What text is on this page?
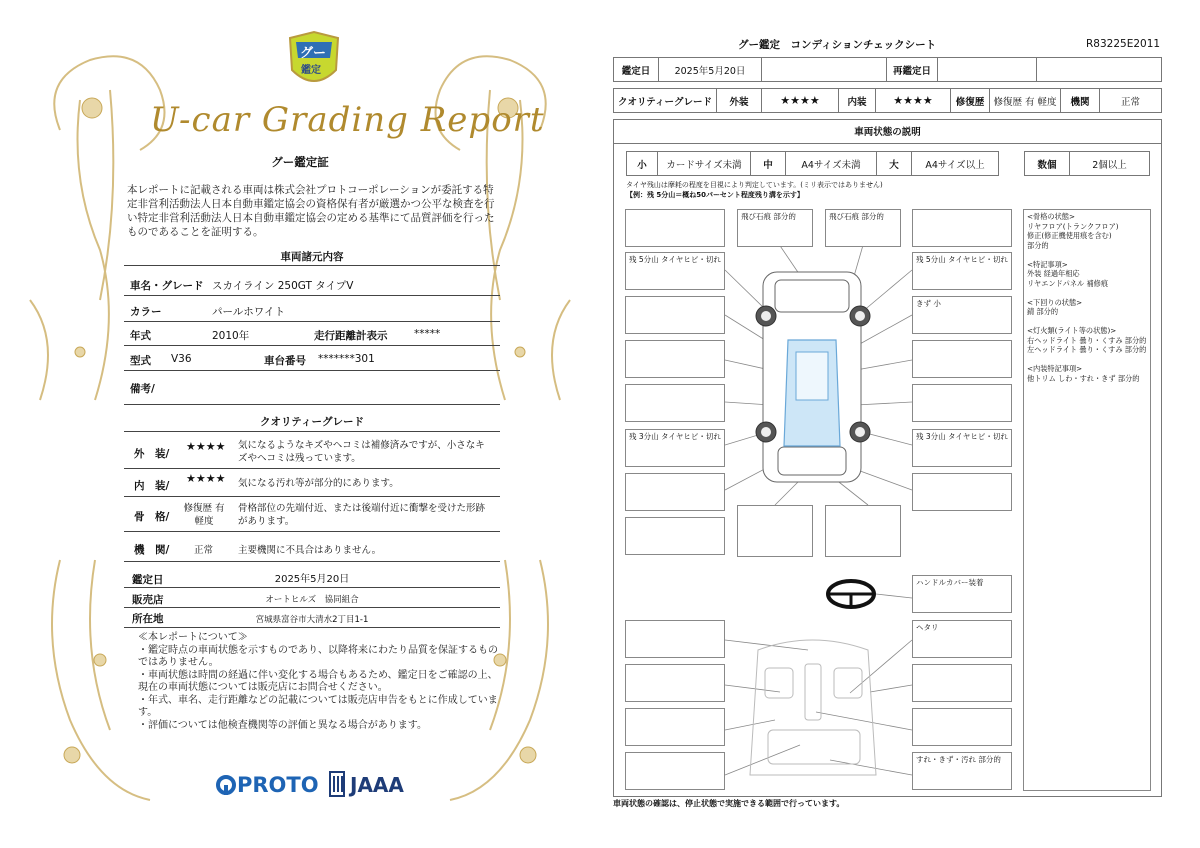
グー
鑑定
U-car Grading Report
グー鑑定証
本レポートに記載される車両は株式会社プロトコーポレーションが委託する特定非営利活動法人日本自動車鑑定協会の資格保有者が厳選かつ公平な検査を行い特定非営利活動法人日本自動車鑑定協会の定める基準にて品質評価を行ったものであることを証明する。
車両諸元内容
車名・グレード スカイライン 250GT タイプV
カラー	パールホワイト
年式	2010年	走行距離計表示	*****
型式 V36	車台番号 *******301
備考/
クオリティーグレード
外　装/
★★★★ 気になるようなキズやヘコミは補修済みですが、小さなキズやヘコミは残っています。
内　装/
★★★★ 気になる汚れ等が部分的にあります。
骨　格/
修復歴 有 軽度
骨格部位の先端付近、または後端付近に衝撃を受けた形跡があります。
機　関/	正常	主要機関に不具合はありません。
鑑定日	2025年5月20日
販売店	オートヒルズ　協同組合
所在地	宮城県富谷市大清水2丁目1-1
≪本レポートについて≫
・鑑定時点の車両状態を示すものであり、以降将来にわたり品質を保証するものではありません。
・車両状態は時間の経過に伴い変化する場合もあるため、鑑定日をご確認の上、現在の車両状態については販売店にお問合せください。
・年式、車名、走行距離などの記載については販売店申告をもとに作成しています。
・評価については他検査機関等の評価と異なる場合があります。
PROTO JAAA
グー鑑定　コンディションチェックシート	R83225E2011
鑑定日	2025年5月20日	再鑑定日
クオリティーグレード	外装	★★★★	内装	★★★★	修復歴 修復歴 有 軽度	機関	正常
車両状態の説明
小	カードサイズ未満	中	A4サイズ未満	大	A4サイズ以上	数個	2個以上
タイヤ残山は摩耗の程度を目視により判定しています。(ミリ表示ではありません)
【例：残 5分山＝概ね50パーセント程度残り溝を示す】
飛び石痕 部分的	飛び石痕 部分的
残 5分山 タイヤヒビ・切れ	残 5分山 タイヤヒビ・切れ
きず 小
残 3分山 タイヤヒビ・切れ	残 3分山 タイヤヒビ・切れ
ハンドルカバー装着
ヘタリ
すれ・きず・汚れ 部分的
<骨格の状態>
リヤフロア(トランクフロア)
修正(修正機使用痕を含む)
部分的
<特記事項>
外装 経過年相応
リヤエンドパネル 補修痕
<下回りの状態>
錆 部分的
<灯火類(ライト等の状態)>
右ヘッドライト 曇り・くすみ 部分的
左ヘッドライト 曇り・くすみ 部分的
<内装特記事項>
他トリム しわ・すれ・きず 部分的
車両状態の確認は、停止状態で実施できる範囲で行っています。
